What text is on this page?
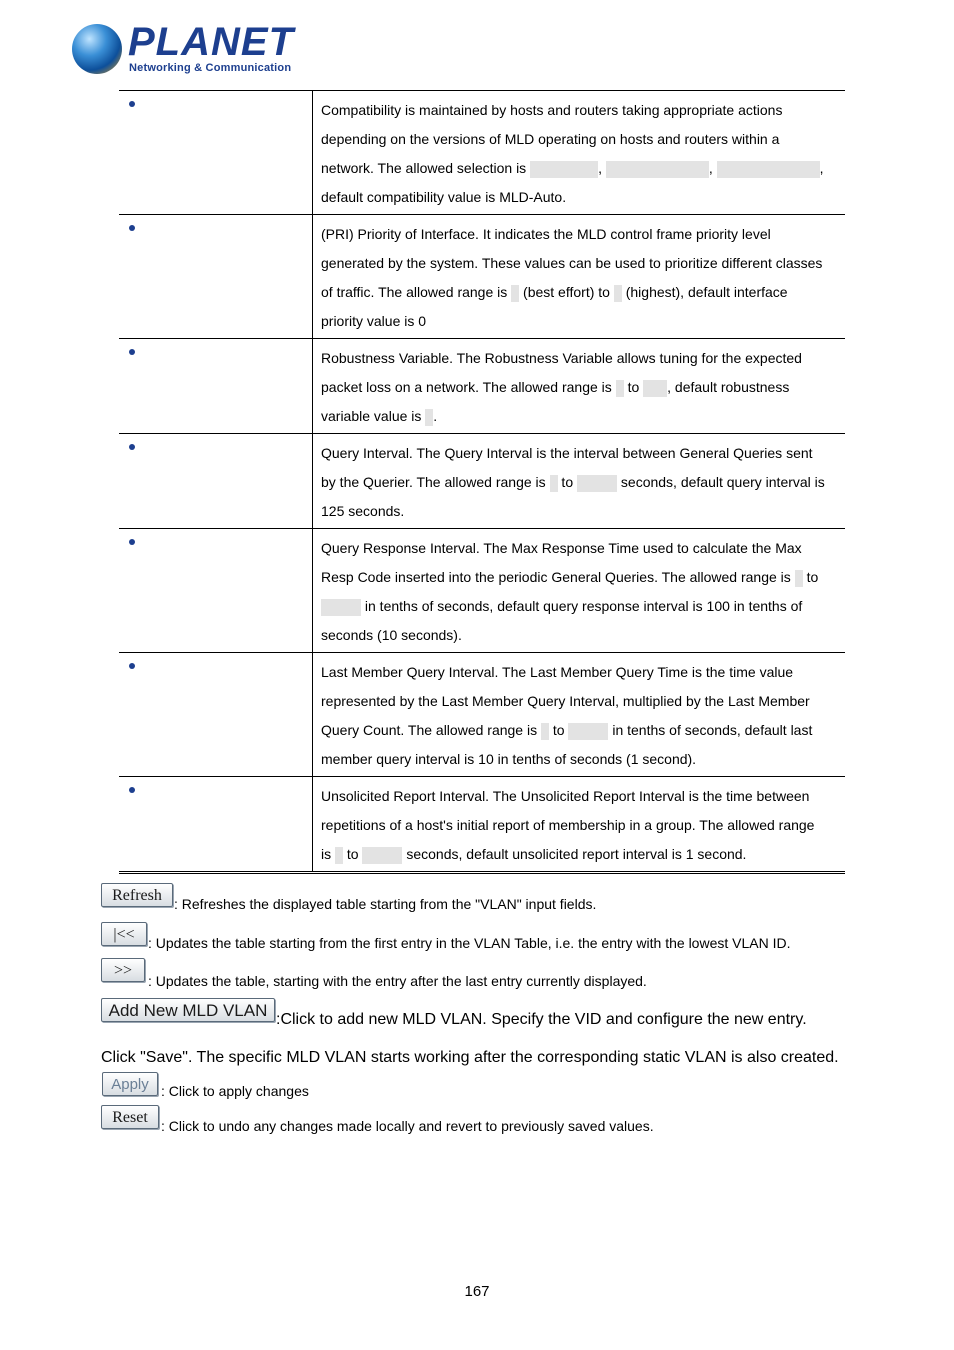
PLANET
Networking & Communication

	Compatibility is maintained by hosts and routers taking appropriate actions
depending on the versions of MLD operating on hosts and routers within a
network. The allowed selection is , , ,
default compatibility value is MLD-Auto.

	(PRI) Priority of Interface. It indicates the MLD control frame priority level
generated by the system. These values can be used to prioritize different classes
of traffic. The allowed range is  (best effort) to  (highest), default interface
priority value is 0

	Robustness Variable. The Robustness Variable allows tuning for the expected
packet loss on a network. The allowed range is  to , default robustness
variable value is .

	Query Interval. The Query Interval is the interval between General Queries sent
by the Querier. The allowed range is  to seconds, default query interval is
125 seconds.

	Query Response Interval. The Max Response Time used to calculate the Max
Resp Code inserted into the periodic General Queries. The allowed range is  to
in tenths of seconds, default query response interval is 100 in tenths of
seconds (10 seconds).

	Last Member Query Interval. The Last Member Query Time is the time value
represented by the Last Member Query Interval, multiplied by the Last Member
Query Count. The allowed range is  to in tenths of seconds, default last
member query interval is 10 in tenths of seconds (1 second).

	Unsolicited Report Interval. The Unsolicited Report Interval is the time between
repetitions of a host's initial report of membership in a group. The allowed range
is  to seconds, default unsolicited report interval is 1 second.
Refresh : Refreshes the displayed table starting from the "VLAN" input fields.
|<< : Updates the table starting from the first entry in the VLAN Table, i.e. the entry with the lowest VLAN ID.
>>
: Updates the table, starting with the entry after the last entry currently displayed.
Add New MLD VLAN :Click to add new MLD VLAN. Specify the VID and configure the new entry.
Click "Save". The specific MLD VLAN starts working after the corresponding static VLAN is also created.
Apply : Click to apply changes
Reset : Click to undo any changes made locally and revert to previously saved values.
167
